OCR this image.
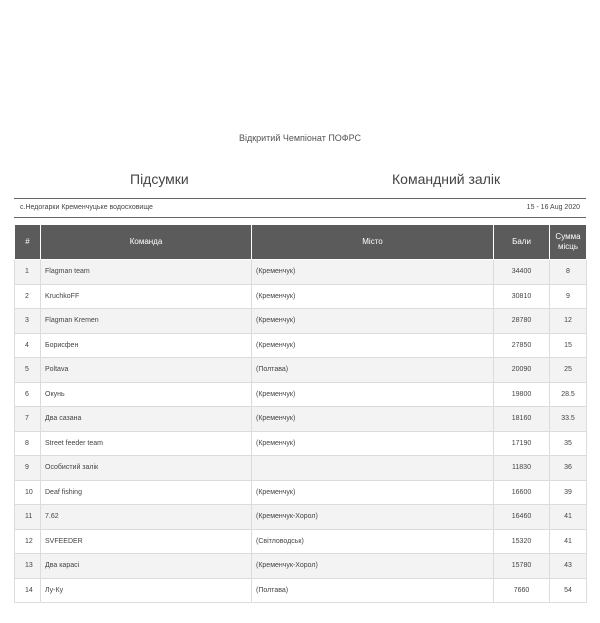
Відкритий Чемпіонат ПОФРС
Підсумки	Командний залік
с.Недогарки Кременчуцьке водосховище	15 - 16 Aug 2020
#	Команда	Місто	Бали	Сумма місць
1	Flagman team	(Кременчук)	34400	8
2	KruchkoFF	(Кременчук)	30810	9
3	Flagman Kremen	(Кременчук)	28780	12
4	Борисфен	(Кременчук)	27850	15
5	Poltava	(Полтава)	20090	25
6	Окунь	(Кременчук)	19800	28.5
7	Два сазана	(Кременчук)	18160	33.5
8	Street feeder team	(Кременчук)	17190	35
9	Особистий залік		11830	36
10	Deaf fishing	(Кременчук)	16600	39
11	7.62	(Кременчук-Хорол)	16460	41
12	SVFEEDER	(Світловодськ)	15320	41
13	Два карасі	(Кременчук-Хорол)	15780	43
14	Лу-Ку	(Полтава)	7660	54
